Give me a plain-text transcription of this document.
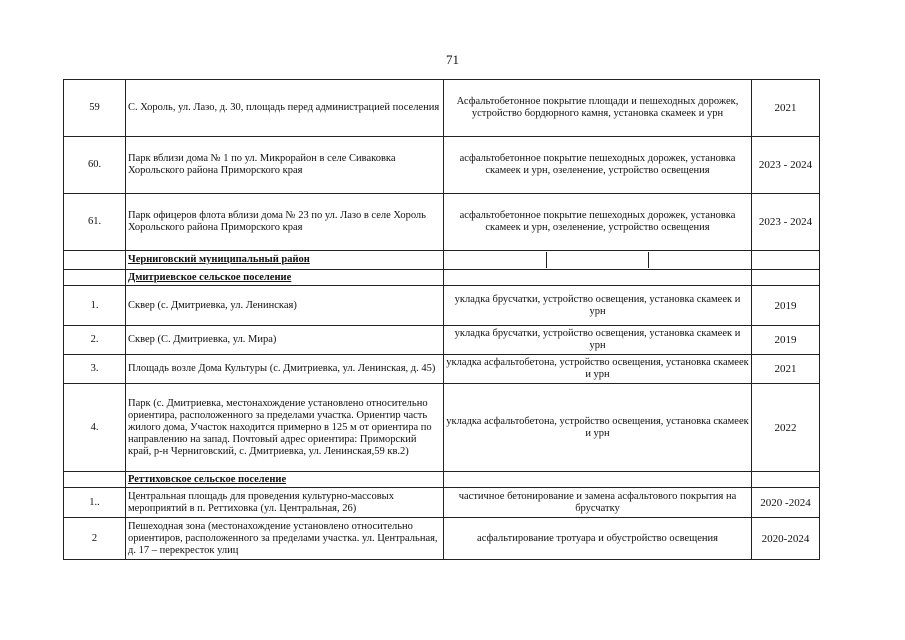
71
59	С. Хороль, ул. Лазо, д. 30, площадь перед администрацией поселения	Асфальтобетонное покрытие площади и пешеходных дорожек, устройство бордюрного камня, установка скамеек и урн	2021
60.	Парк вблизи дома № 1 по ул. Микрорайон в селе Сиваковка Хорольского района Приморского края	асфальтобетонное покрытие пешеходных дорожек, установка скамеек и урн, озеленение, устройство освещения	2023 - 2024
61.	Парк офицеров флота вблизи дома № 23 по ул. Лазо в селе Хороль Хорольского района Приморского края	асфальтобетонное покрытие пешеходных дорожек, установка скамеек и урн, озеленение, устройство освещения	2023 - 2024
	Черниговский муниципальный район	

	Дмитриевское сельское поселение		
1.	Сквер (с. Дмитриевка, ул. Ленинская)	укладка брусчатки, устройство освещения, установка скамеек и урн	2019
2.	Сквер (С. Дмитриевка, ул. Мира)	укладка брусчатки, устройство освещения, установка скамеек и урн	2019
3.	Площадь возле Дома Культуры (с. Дмитриевка, ул. Ленинская, д. 45)	укладка асфальтобетона, устройство освещения, установка скамеек и урн	2021
4.	Парк (с. Дмитриевка, местонахождение установлено относительно ориентира, расположенного за пределами участка. Ориентир часть жилого дома, Участок находится примерно в 125 м от ориентира по направлению на запад. Почтовый адрес ориентира: Приморский край, р-н Черниговский, с. Дмитриевка, ул. Ленинская,59 кв.2)	укладка асфальтобетона, устройство освещения, установка скамеек и урн	2022
	Реттиховское сельское поселение		
1..	Центральная площадь для проведения культурно-массовых мероприятий в п. Реттиховка (ул. Центральная, 26)	частичное бетонирование и замена асфальтового покрытия на брусчатку	2020 -2024
2	Пешеходная зона (местонахождение установлено относительно ориентиров, расположенного за пределами участка. ул. Центральная, д. 17 – перекресток улиц	асфальтирование тротуара и обустройство освещения	2020-2024
